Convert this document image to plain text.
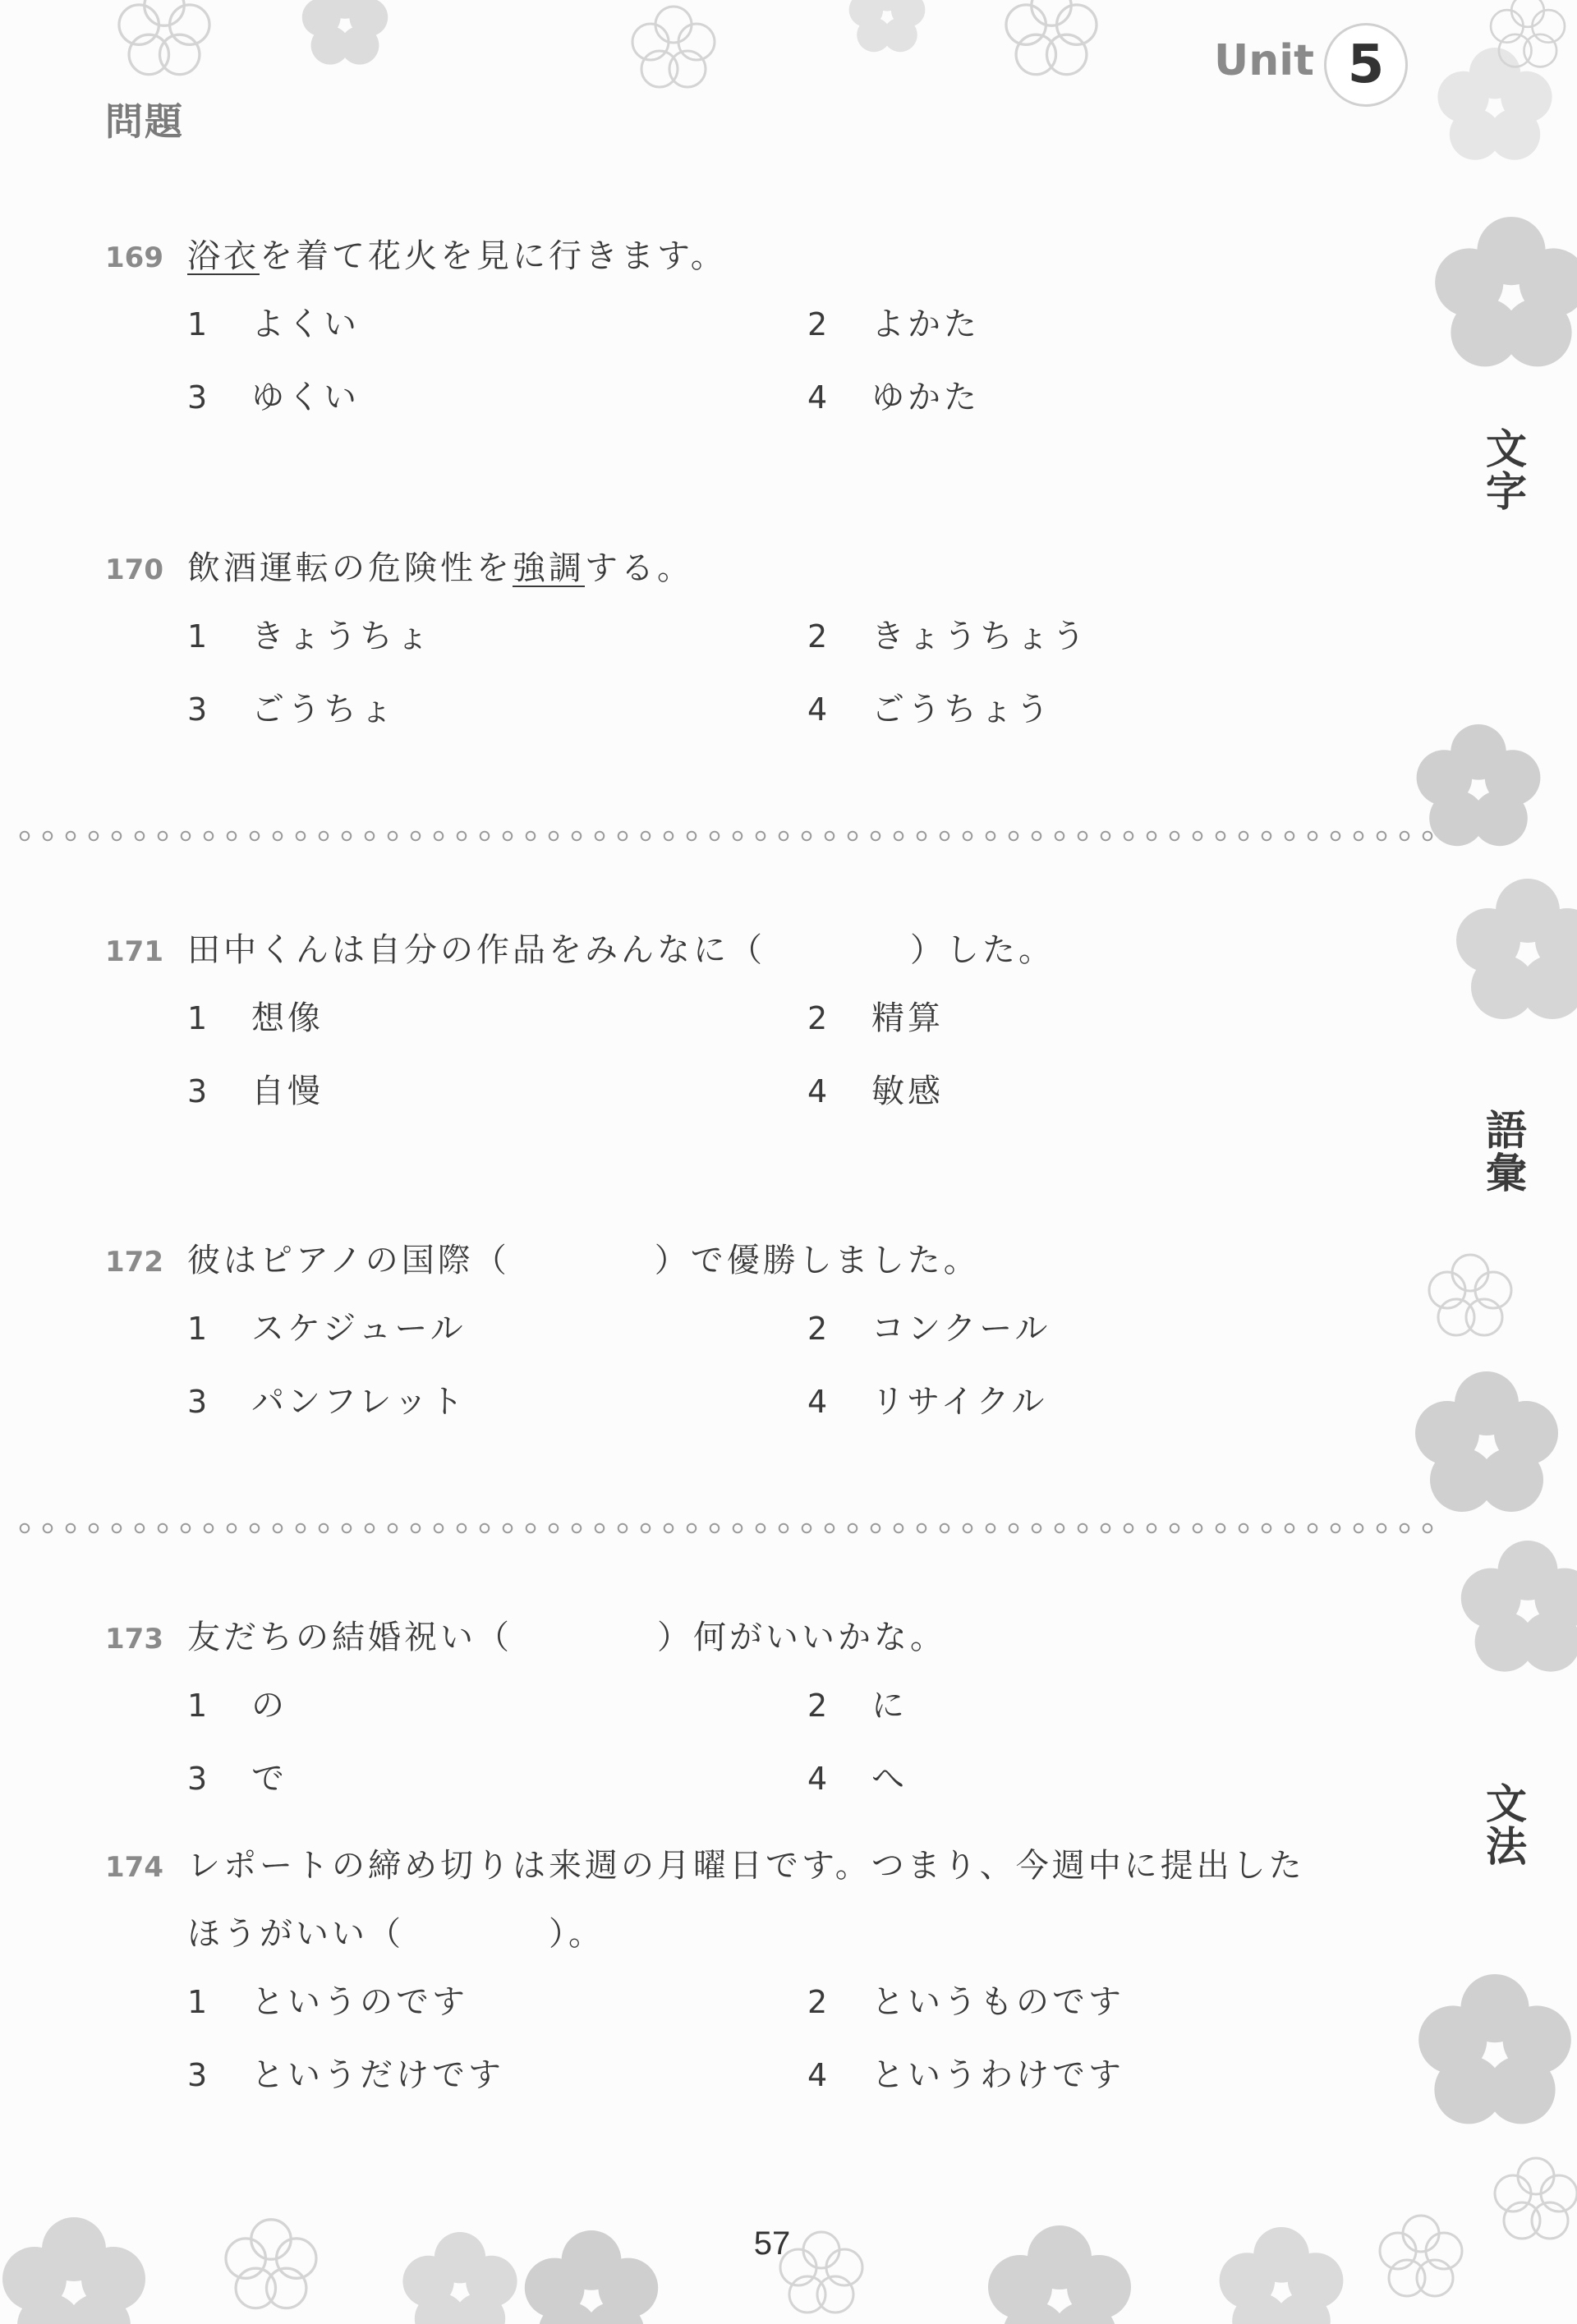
問題
Unit 5
文字
語彙
文法
169 浴衣を着て花火を見に行きます。
1	よくい	2	よかた
3	ゆくい	4	ゆかた
170 飲酒運転の危険性を強調する。
1	きょうちょ	2	きょうちょう
3	ごうちょ	4	ごうちょう
171 田中くんは自分の作品をみんなに（　　　　）した。
1	想像	2	精算
3	自慢	4	敏感
172 彼はピアノの国際（　　　　）で優勝しました。
1	スケジュール	2	コンクール
3	パンフレット	4	リサイクル
173 友だちの結婚祝い（　　　　）何がいいかな。
1	の	2	に
3	で	4	へ
174 レポートの締め切りは来週の月曜日です。つまり、今週中に提出した
ほうがいい（　　　　）。
1	というのです	2	というものです
3	というだけです	4	というわけです
57
